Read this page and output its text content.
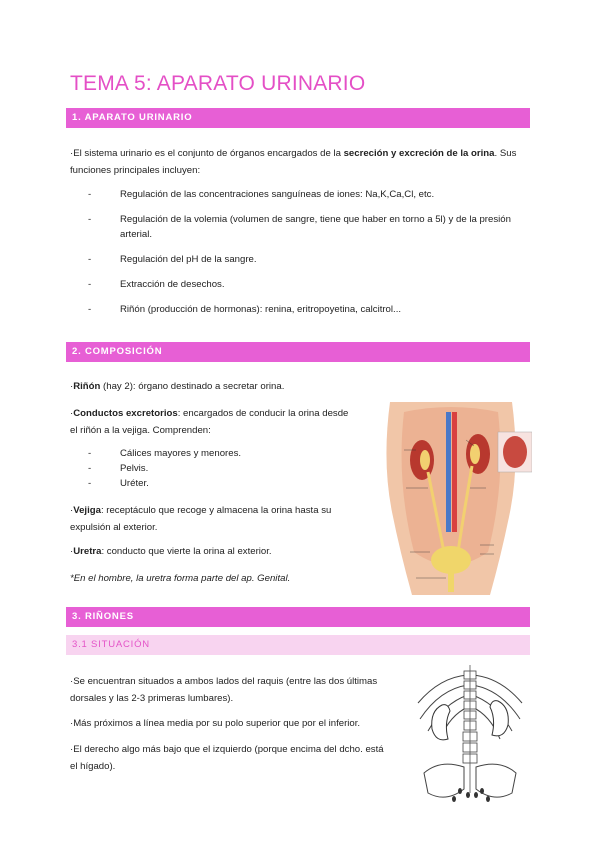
TEMA 5: APARATO URINARIO
1. APARATO URINARIO
·El sistema urinario es el conjunto de órganos encargados de la secreción y excreción de la orina. Sus
funciones principales incluyen:
-	Regulación de las concentraciones sanguíneas de iones: Na,K,Ca,Cl, etc.
-	Regulación de la volemia (volumen de sangre, tiene que haber en torno a 5l) y de la presión
arterial.
-	Regulación del pH de la sangre.
-	Extracción de desechos.
-	Riñón (producción de hormonas): renina, eritropoyetina, calcitrol...
2. COMPOSICIÓN
·Riñón (hay 2): órgano destinado a secretar orina.
·Conductos excretorios: encargados de conducir la orina desde
el riñón a la vejiga. Comprenden:
-	Cálices mayores y menores.
-	Pelvis.
-	Uréter.
·Vejiga: receptáculo que recoge y almacena la orina hasta su
expulsión al exterior.
·Uretra: conducto que vierte la orina al exterior.
*En el hombre, la uretra forma parte del ap. Genital.
3. RIÑONES
3.1 SITUACIÓN
·Se encuentran situados a ambos lados del raquis (entre las dos últimas
dorsales y las 2-3 primeras lumbares).
·Más próximos a línea media por su polo superior que por el inferior.
·El derecho algo más bajo que el izquierdo (porque encima del dcho. está
el hígado).
